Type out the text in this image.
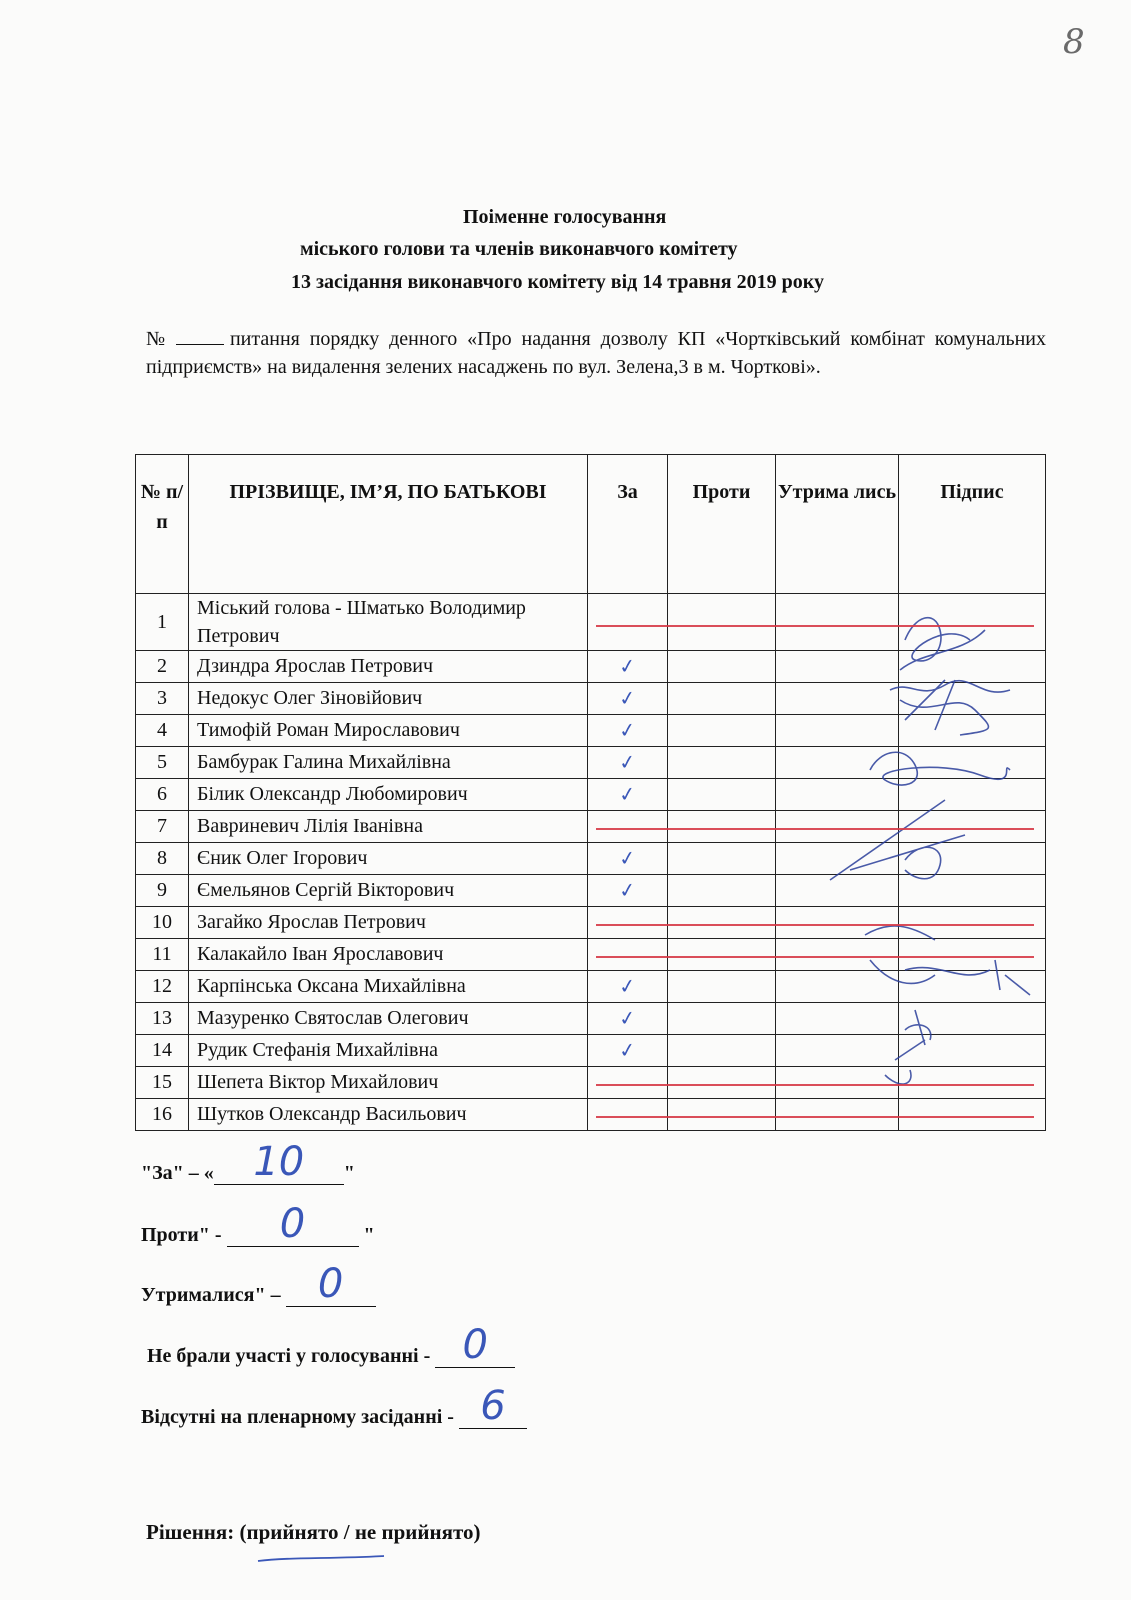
8
Поіменне голосування
міського голови та членів виконавчого комітету
13 засідання виконавчого комітету від 14 травня 2019 року
№	питання порядку денного «Про надання дозволу КП «Чортківський комбінат комунальних підприємств» на видалення зелених насаджень по вул. Зелена,3 в м. Чорткові».
№ п/п	ПРІЗВИЩЕ, ІМ’Я, ПО БАТЬКОВІ	За	Проти	Утрима лись	Підпис
1	Міський голова - Шматько Володимир Петрович				
2	Дзиндра Ярослав Петрович	✓			
3	Недокус Олег Зіновійович	✓			
4	Тимофій Роман Мирославович	✓			
5	Бамбурак Галина Михайлівна	✓			
6	Білик Олександр Любомирович	✓			
7	Вавриневич Лілія Іванівна				
8	Єник Олег Ігорович	✓			
9	Ємельянов Сергій Вікторович	✓			
10	Загайко Ярослав Петрович				
11	Калакайло Іван Ярославович				
12	Карпінська Оксана Михайлівна	✓			
13	Мазуренко Святослав Олегович	✓			
14	Рудик Стефанія Михайлівна	✓			
15	Шепета Віктор Михайлович				
16	Шутков Олександр Васильович				
"За" – « 10	"
Проти" -	0	"
Утрималися" – 0
Не брали участі у голосуванні - 0
Відсутні на пленарному засіданні - 6
Рішення: (прийнято / не прийнято)
